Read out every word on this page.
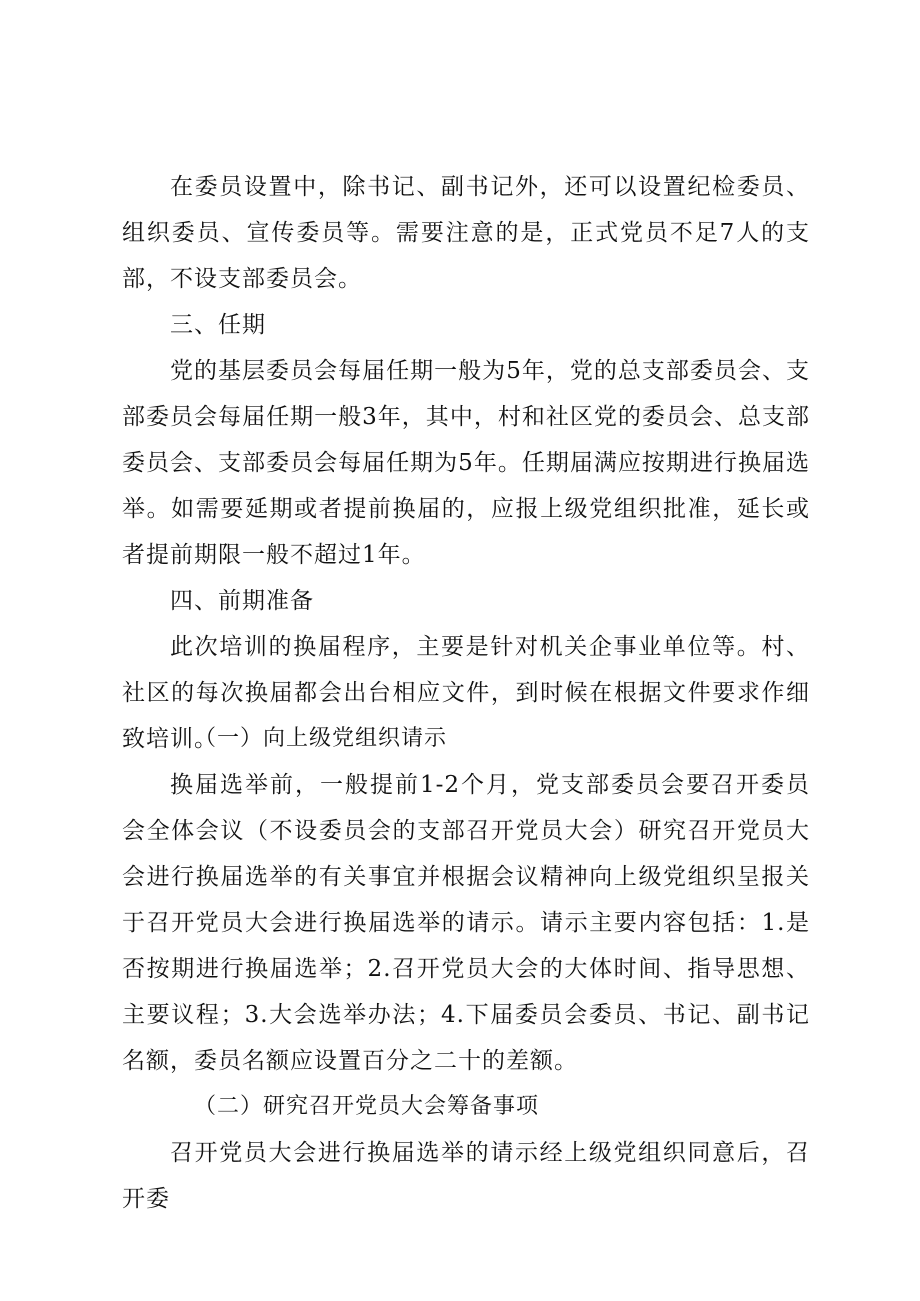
在委员设置中，除书记、副书记外，还可以设置纪检委员、组织委员、宣传委员等。需要注意的是，正式党员不足7人的支部，不设支部委员会。

三、任期

党的基层委员会每届任期一般为5年，党的总支部委员会、支部委员会每届任期一般3年，其中，村和社区党的委员会、总支部委员会、支部委员会每届任期为5年。任期届满应按期进行换届选举。如需要延期或者提前换届的，应报上级党组织批准，延长或者提前期限一般不超过1年。

四、前期准备

此次培训的换届程序，主要是针对机关企事业单位等。村、社区的每次换届都会出台相应文件，到时候在根据文件要求作细致培训。

（一）向上级党组织请示

换届选举前，一般提前1-2个月，党支部委员会要召开委员会全体会议（不设委员会的支部召开党员大会）研究召开党员大会进行换届选举的有关事宜并根据会议精神向上级党组织呈报关于召开党员大会进行换届选举的请示。请示主要内容包括：1.是否按期进行换届选举；2.召开党员大会的大体时间、指导思想、主要议程；3.大会选举办法；4.下届委员会委员、书记、副书记名额，委员名额应设置百分之二十的差额。

（二）研究召开党员大会筹备事项

召开党员大会进行换届选举的请示经上级党组织同意后，召开委
